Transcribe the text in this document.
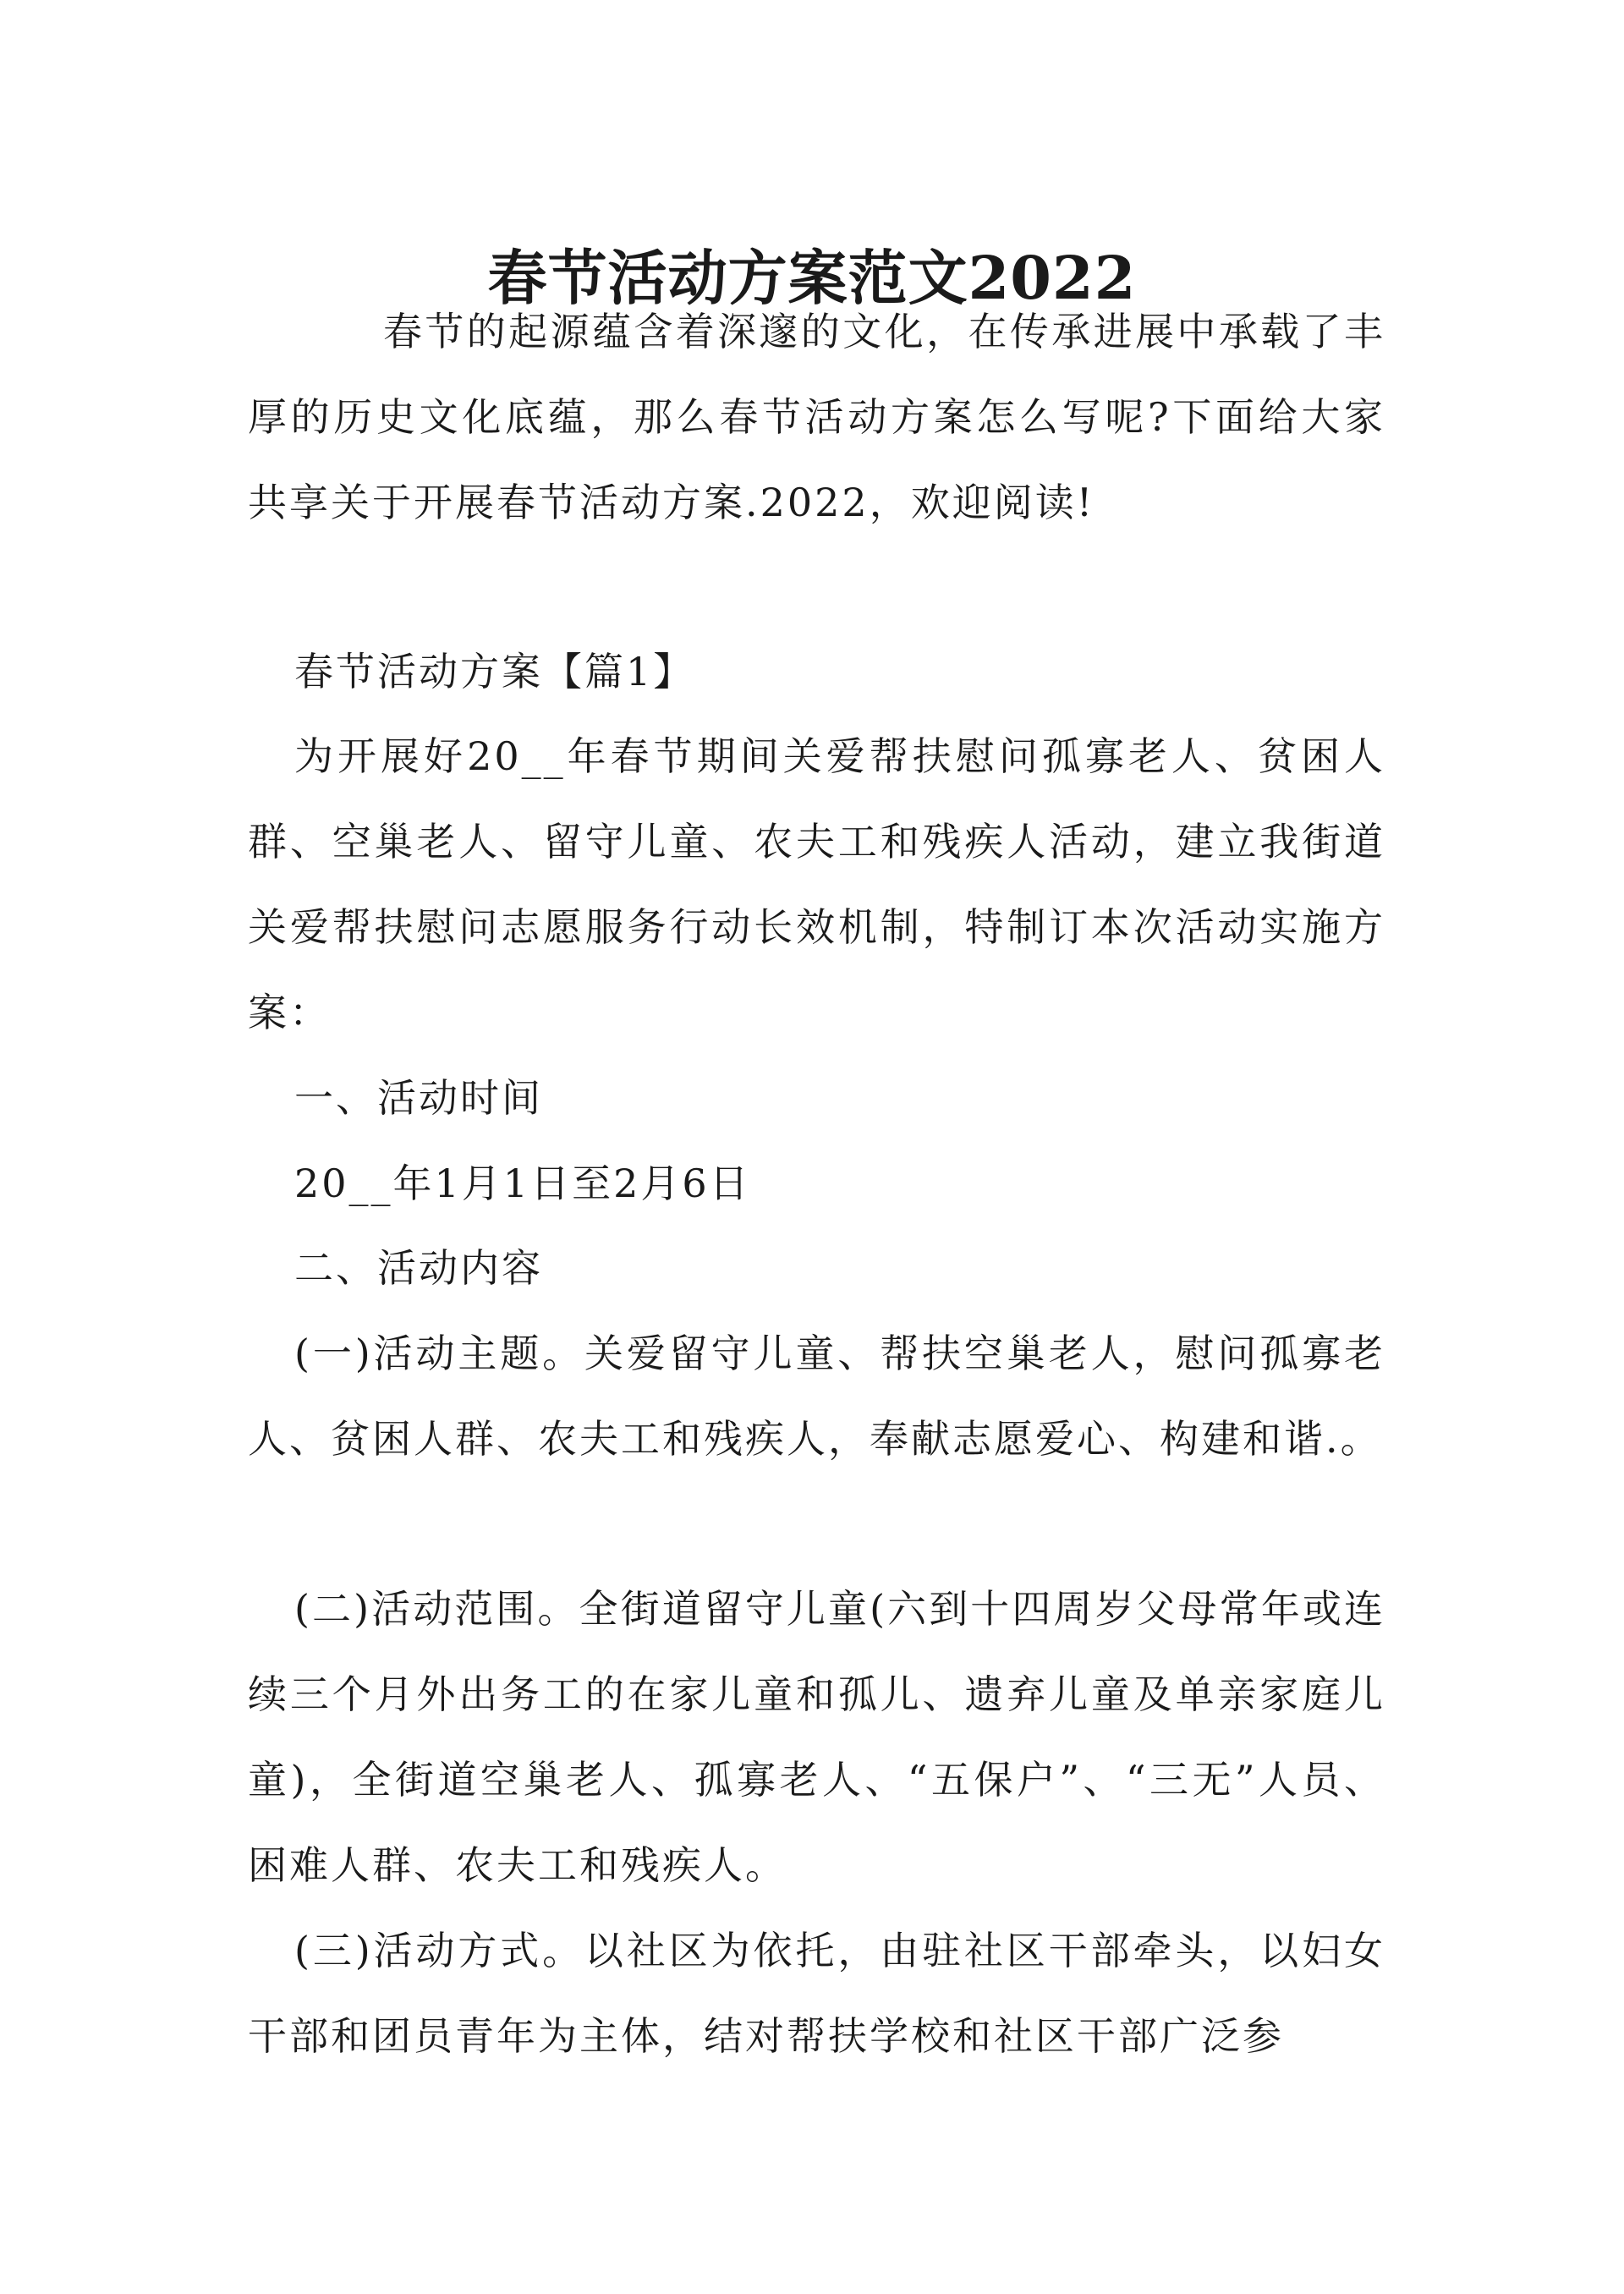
春节活动方案范文2022

春节的起源蕴含着深邃的文化，在传承进展中承载了丰厚的历史文化底蕴，那么春节活动方案怎么写呢?下面给大家共享关于开展春节活动方案.2022，欢迎阅读!

春节活动方案【篇1】

为开展好20__年春节期间关爱帮扶慰问孤寡老人、贫困人群、空巢老人、留守儿童、农夫工和残疾人活动，建立我街道关爱帮扶慰问志愿服务行动长效机制，特制订本次活动实施方案：

一、活动时间

20__年1月1日至2月6日

二、活动内容

(一)活动主题。关爱留守儿童、帮扶空巢老人，慰问孤寡老人、贫困人群、农夫工和残疾人，奉献志愿爱心、构建和谐.。

(二)活动范围。全街道留守儿童(六到十四周岁父母常年或连续三个月外出务工的在家儿童和孤儿、遗弃儿童及单亲家庭儿童)，全街道空巢老人、孤寡老人、“五保户”、“三无”人员、困难人群、农夫工和残疾人。

(三)活动方式。以社区为依托，由驻社区干部牵头，以妇女干部和团员青年为主体，结对帮扶学校和社区干部广泛参
